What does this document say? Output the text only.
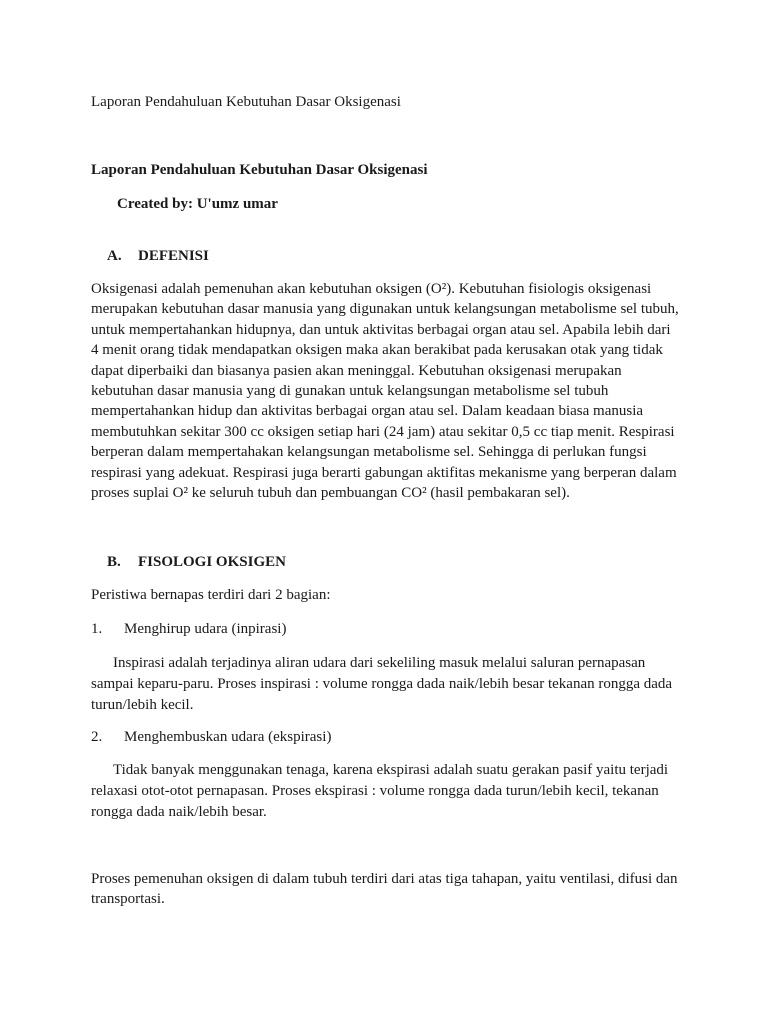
Laporan Pendahuluan Kebutuhan Dasar Oksigenasi
Laporan Pendahuluan Kebutuhan Dasar Oksigenasi
Created by: U'umz umar
A. DEFENISI
Oksigenasi adalah pemenuhan akan kebutuhan oksigen (O²). Kebutuhan fisiologis oksigenasi merupakan kebutuhan dasar manusia yang digunakan untuk kelangsungan metabolisme sel tubuh, untuk mempertahankan hidupnya, dan untuk aktivitas berbagai organ atau sel. Apabila lebih dari 4 menit orang tidak mendapatkan oksigen maka akan berakibat pada kerusakan otak yang tidak dapat diperbaiki dan biasanya pasien akan meninggal. Kebutuhan oksigenasi merupakan kebutuhan dasar manusia yang di gunakan untuk kelangsungan metabolisme sel tubuh mempertahankan hidup dan aktivitas berbagai organ atau sel. Dalam keadaan biasa manusia membutuhkan sekitar 300 cc oksigen setiap hari (24 jam) atau sekitar 0,5 cc tiap menit. Respirasi berperan dalam mempertahakan kelangsungan metabolisme sel. Sehingga di perlukan fungsi respirasi yang adekuat. Respirasi juga berarti gabungan aktifitas mekanisme yang berperan dalam proses suplai O² ke seluruh tubuh dan pembuangan CO² (hasil pembakaran sel).
B. FISOLOGI OKSIGEN
Peristiwa bernapas terdiri dari 2 bagian:
1. Menghirup udara (inpirasi)
Inspirasi adalah terjadinya aliran udara dari sekeliling masuk melalui saluran pernapasan sampai keparu-paru. Proses inspirasi : volume rongga dada naik/lebih besar tekanan rongga dada turun/lebih kecil.
2. Menghembuskan udara (ekspirasi)
Tidak banyak menggunakan tenaga, karena ekspirasi adalah suatu gerakan pasif yaitu terjadi relaxasi otot-otot pernapasan. Proses ekspirasi : volume rongga dada turun/lebih kecil, tekanan rongga dada naik/lebih besar.
Proses pemenuhan oksigen di dalam tubuh terdiri dari atas tiga tahapan, yaitu ventilasi, difusi dan transportasi.
